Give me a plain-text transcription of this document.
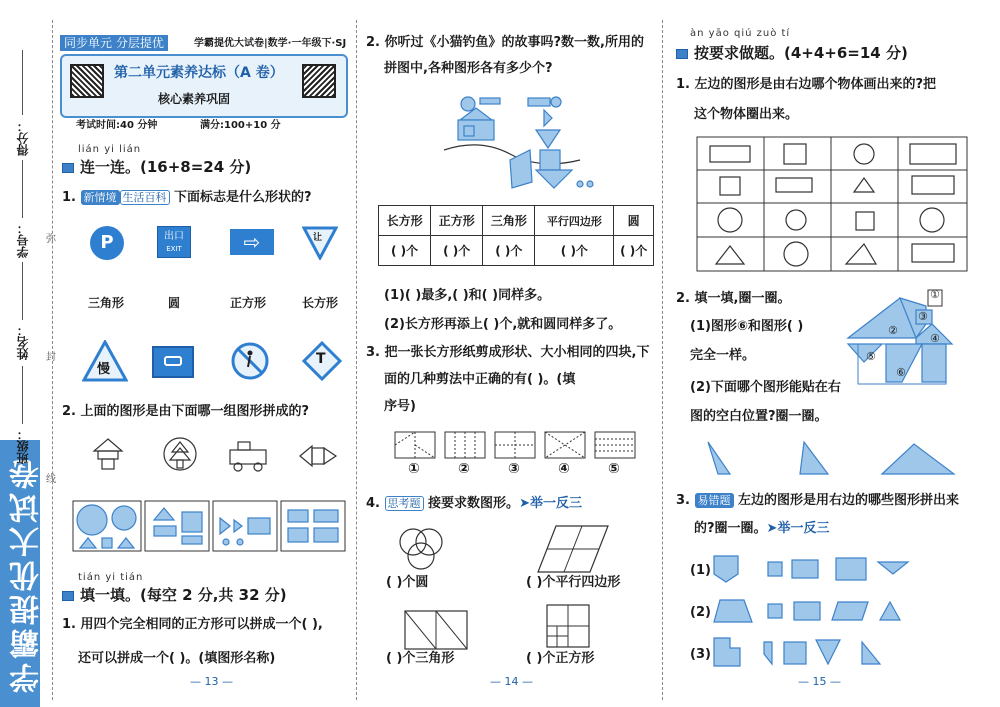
学霸提优大试卷
得分：
学号：
姓名：
班级：
弥
封
线
同步单元 分层提优	学霸提优大试卷|数学·一年级下·SJ
第二单元素养达标（A 卷）
核心素养巩固
考试时间:40 分钟	满分:100+10 分
lián yi lián
连一连。(16+8=24 分)
1. 新情境 生活百科 下面标志是什么形状的?
P	出口
EXIT	⇨	让
三角形	圆	正方形	长方形
慢
T
2. 上面的图形是由下面哪一组图形拼成的?
tián yi tián
填一填。(每空 2 分,共 32 分)
1. 用四个完全相同的正方形可以拼成一个( ),
还可以拼成一个( )。(填图形名称)
— 13 —
2. 你听过《小猫钓鱼》的故事吗?数一数,所用的
拼图中,各种图形各有多少个?
长方形	正方形	三角形	平行四边形	圆
( )个	( )个	( )个	( )个	( )个
(1)( )最多,( )和( )同样多。
(2)长方形再添上( )个,就和圆同样多了。
3. 把一张长方形纸剪成形状、大小相同的四块,下
面的几种剪法中正确的有( )。(填
序号)
①	②	③	④	⑤
4. 思考题 接要求数图形。➤举一反三
( )个圆	( )个平行四边形
( )个三角形	( )个正方形
— 14 —
àn yāo qiú zuò tí
按要求做题。(4+4+6=14 分)
1. 左边的图形是由右边哪个物体画出来的?把
这个物体圈出来。
2. 填一填,圈一圈。
(1)图形⑥和图形( )
完全一样。
(2)下面哪个图形能贴在右
图的空白位置?圈一圈。
①
②
③
④
⑤
⑥
3. 易错题 左边的图形是用右边的哪些图形拼出来
的?圈一圈。➤举一反三
(1)
(2)
(3)
— 15 —
